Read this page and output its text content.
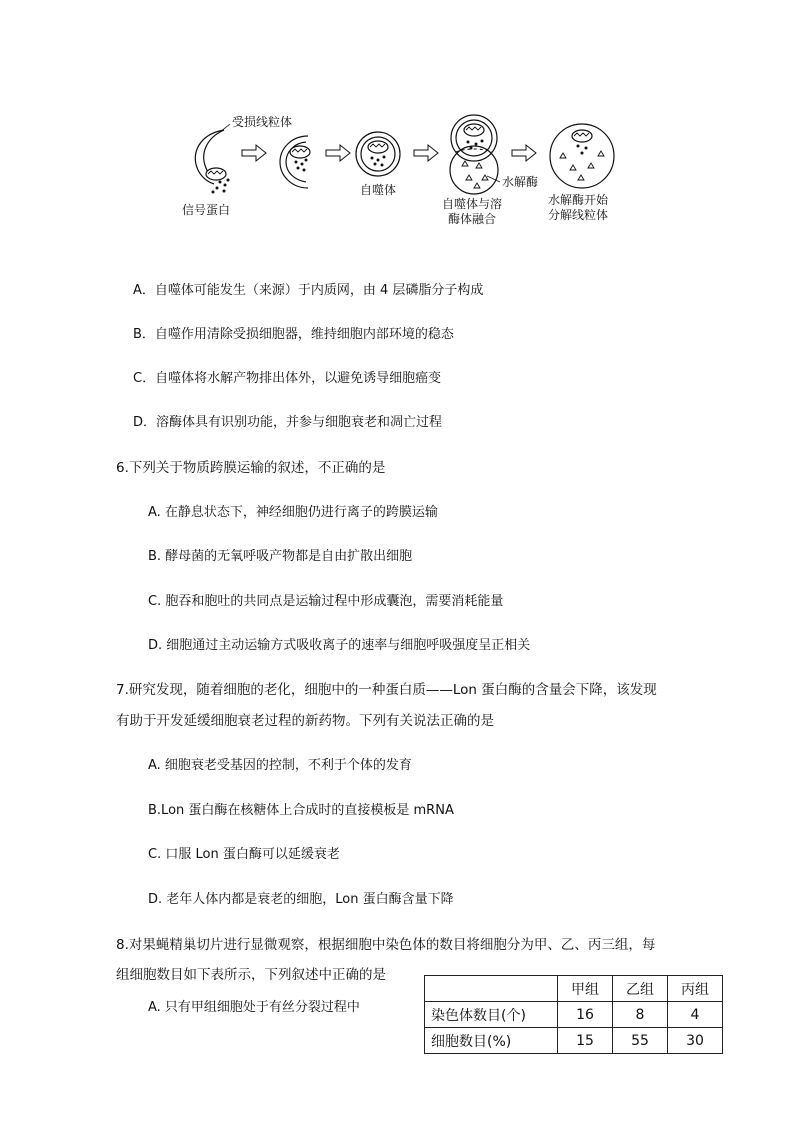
受损线粒体
信号蛋白
自噬体
水解酶
自噬体与溶
酶体融合
水解酶开始
分解线粒体
A．自噬体可能发生（来源）于内质网，由 4 层磷脂分子构成
B．自噬作用清除受损细胞器，维持细胞内部环境的稳态
C．自噬体将水解产物排出体外，以避免诱导细胞癌变
D．溶酶体具有识别功能，并参与细胞衰老和凋亡过程
6.下列关于物质跨膜运输的叙述，不正确的是
A. 在静息状态下，神经细胞仍进行离子的跨膜运输
B. 酵母菌的无氧呼吸产物都是自由扩散出细胞
C. 胞吞和胞吐的共同点是运输过程中形成囊泡，需要消耗能量
D. 细胞通过主动运输方式吸收离子的速率与细胞呼吸强度呈正相关
7.研究发现，随着细胞的老化，细胞中的一种蛋白质——Lon 蛋白酶的含量会下降，该发现
有助于开发延缓细胞衰老过程的新药物。下列有关说法正确的是
A. 细胞衰老受基因的控制，不利于个体的发育
B.Lon 蛋白酶在核糖体上合成时的直接模板是 mRNA
C. 口服 Lon 蛋白酶可以延缓衰老
D. 老年人体内都是衰老的细胞，Lon 蛋白酶含量下降
8.对果蝇精巢切片进行显微观察，根据细胞中染色体的数目将细胞分为甲、乙、丙三组，每
组细胞数目如下表所示，下列叙述中正确的是
A. 只有甲组细胞处于有丝分裂过程中
	甲组	乙组	丙组
染色体数目(个)	16	8	4
细胞数目(%)	15	55	30
